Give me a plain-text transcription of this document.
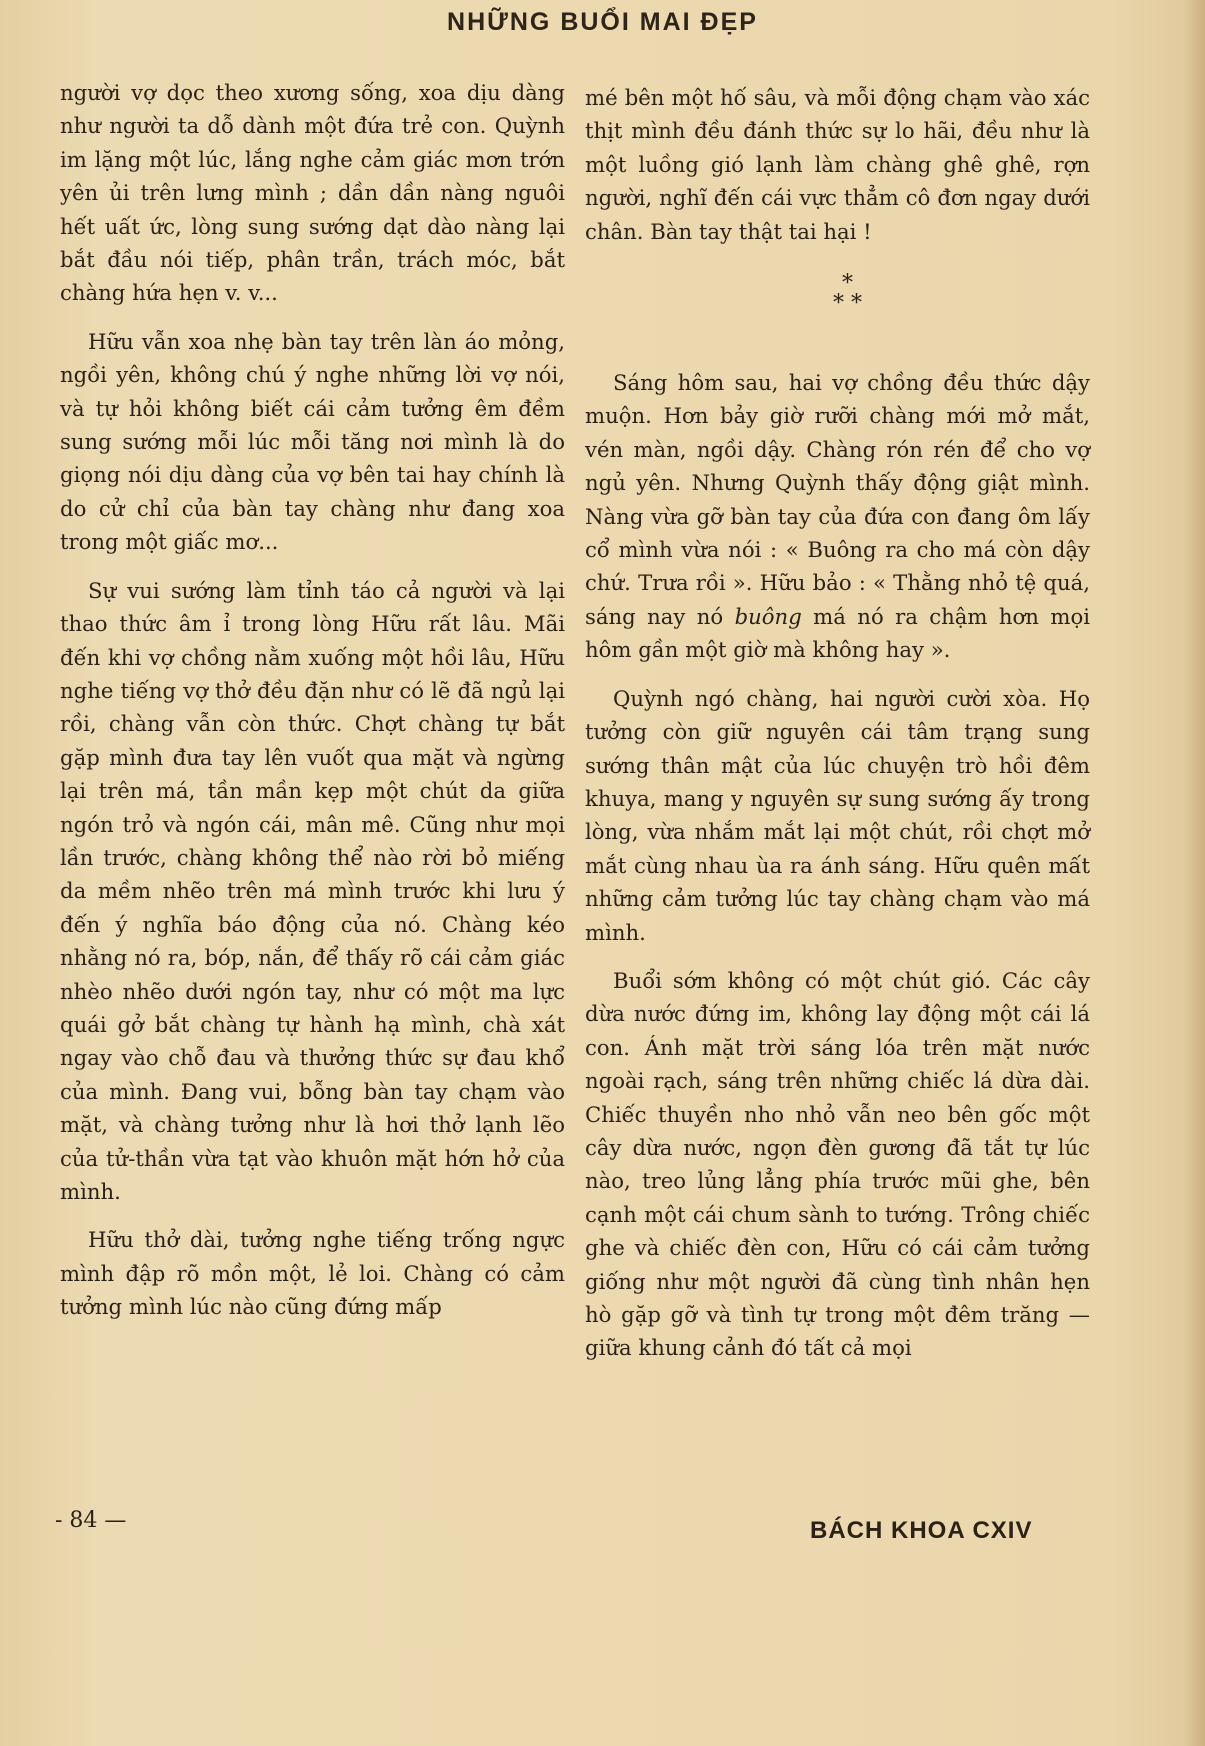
NHỮNG BUỔI MAI ĐẸP

người vợ dọc theo xương sống, xoa dịu dàng như người ta dỗ dành một đứa trẻ con. Quỳnh im lặng một lúc, lắng nghe cảm giác mơn trớn yên ủi trên lưng mình ; dần dần nàng nguôi hết uất ức, lòng sung sướng dạt dào nàng lại bắt đầu nói tiếp, phân trần, trách móc, bắt chàng hứa hẹn v. v...

Hữu vẫn xoa nhẹ bàn tay trên làn áo mỏng, ngồi yên, không chú ý nghe những lời vợ nói, và tự hỏi không biết cái cảm tưởng êm đềm sung sướng mỗi lúc mỗi tăng nơi mình là do giọng nói dịu dàng của vợ bên tai hay chính là do cử chỉ của bàn tay chàng như đang xoa trong một giấc mơ...

Sự vui sướng làm tỉnh táo cả người và lại thao thức âm ỉ trong lòng Hữu rất lâu. Mãi đến khi vợ chồng nằm xuống một hồi lâu, Hữu nghe tiếng vợ thở đều đặn như có lẽ đã ngủ lại rồi, chàng vẫn còn thức. Chợt chàng tự bắt gặp mình đưa tay lên vuốt qua mặt và ngừng lại trên má, tần mần kẹp một chút da giữa ngón trỏ và ngón cái, mân mê. Cũng như mọi lần trước, chàng không thể nào rời bỏ miếng da mềm nhẽo trên má mình trước khi lưu ý đến ý nghĩa báo động của nó. Chàng kéo nhằng nó ra, bóp, nắn, để thấy rõ cái cảm giác nhèo nhẽo dưới ngón tay, như có một ma lực quái gở bắt chàng tự hành hạ mình, chà xát ngay vào chỗ đau và thưởng thức sự đau khổ của mình. Đang vui, bỗng bàn tay chạm vào mặt, và chàng tưởng như là hơi thở lạnh lẽo của tử-thần vừa tạt vào khuôn mặt hớn hở của mình.

Hữu thở dài, tưởng nghe tiếng trống ngực mình đập rõ mồn một, lẻ loi. Chàng có cảm tưởng mình lúc nào cũng đứng mấp

mé bên một hố sâu, và mỗi động chạm vào xác thịt mình đều đánh thức sự lo hãi, đều như là một luồng gió lạnh làm chàng ghê ghê, rợn người, nghĩ đến cái vực thẳm cô đơn ngay dưới chân. Bàn tay thật tai hại !

*
* *

Sáng hôm sau, hai vợ chồng đều thức dậy muộn. Hơn bảy giờ rưỡi chàng mới mở mắt, vén màn, ngồi dậy. Chàng rón rén để cho vợ ngủ yên. Nhưng Quỳnh thấy động giật mình. Nàng vừa gỡ bàn tay của đứa con đang ôm lấy cổ mình vừa nói : « Buông ra cho má còn dậy chứ. Trưa rồi ». Hữu bảo : « Thằng nhỏ tệ quá, sáng nay nó buông má nó ra chậm hơn mọi hôm gần một giờ mà không hay ».

Quỳnh ngó chàng, hai người cười xòa. Họ tưởng còn giữ nguyên cái tâm trạng sung sướng thân mật của lúc chuyện trò hồi đêm khuya, mang y nguyên sự sung sướng ấy trong lòng, vừa nhắm mắt lại một chút, rồi chợt mở mắt cùng nhau ùa ra ánh sáng. Hữu quên mất những cảm tưởng lúc tay chàng chạm vào má mình.

Buổi sớm không có một chút gió. Các cây dừa nước đứng im, không lay động một cái lá con. Ánh mặt trời sáng lóa trên mặt nước ngoài rạch, sáng trên những chiếc lá dừa dài. Chiếc thuyền nho nhỏ vẫn neo bên gốc một cây dừa nước, ngọn đèn gương đã tắt tự lúc nào, treo lủng lẳng phía trước mũi ghe, bên cạnh một cái chum sành to tướng. Trông chiếc ghe và chiếc đèn con, Hữu có cái cảm tưởng giống như một người đã cùng tình nhân hẹn hò gặp gỡ và tình tự trong một đêm trăng — giữa khung cảnh đó tất cả mọi

- 84 —	BÁCH KHOA CXIV
